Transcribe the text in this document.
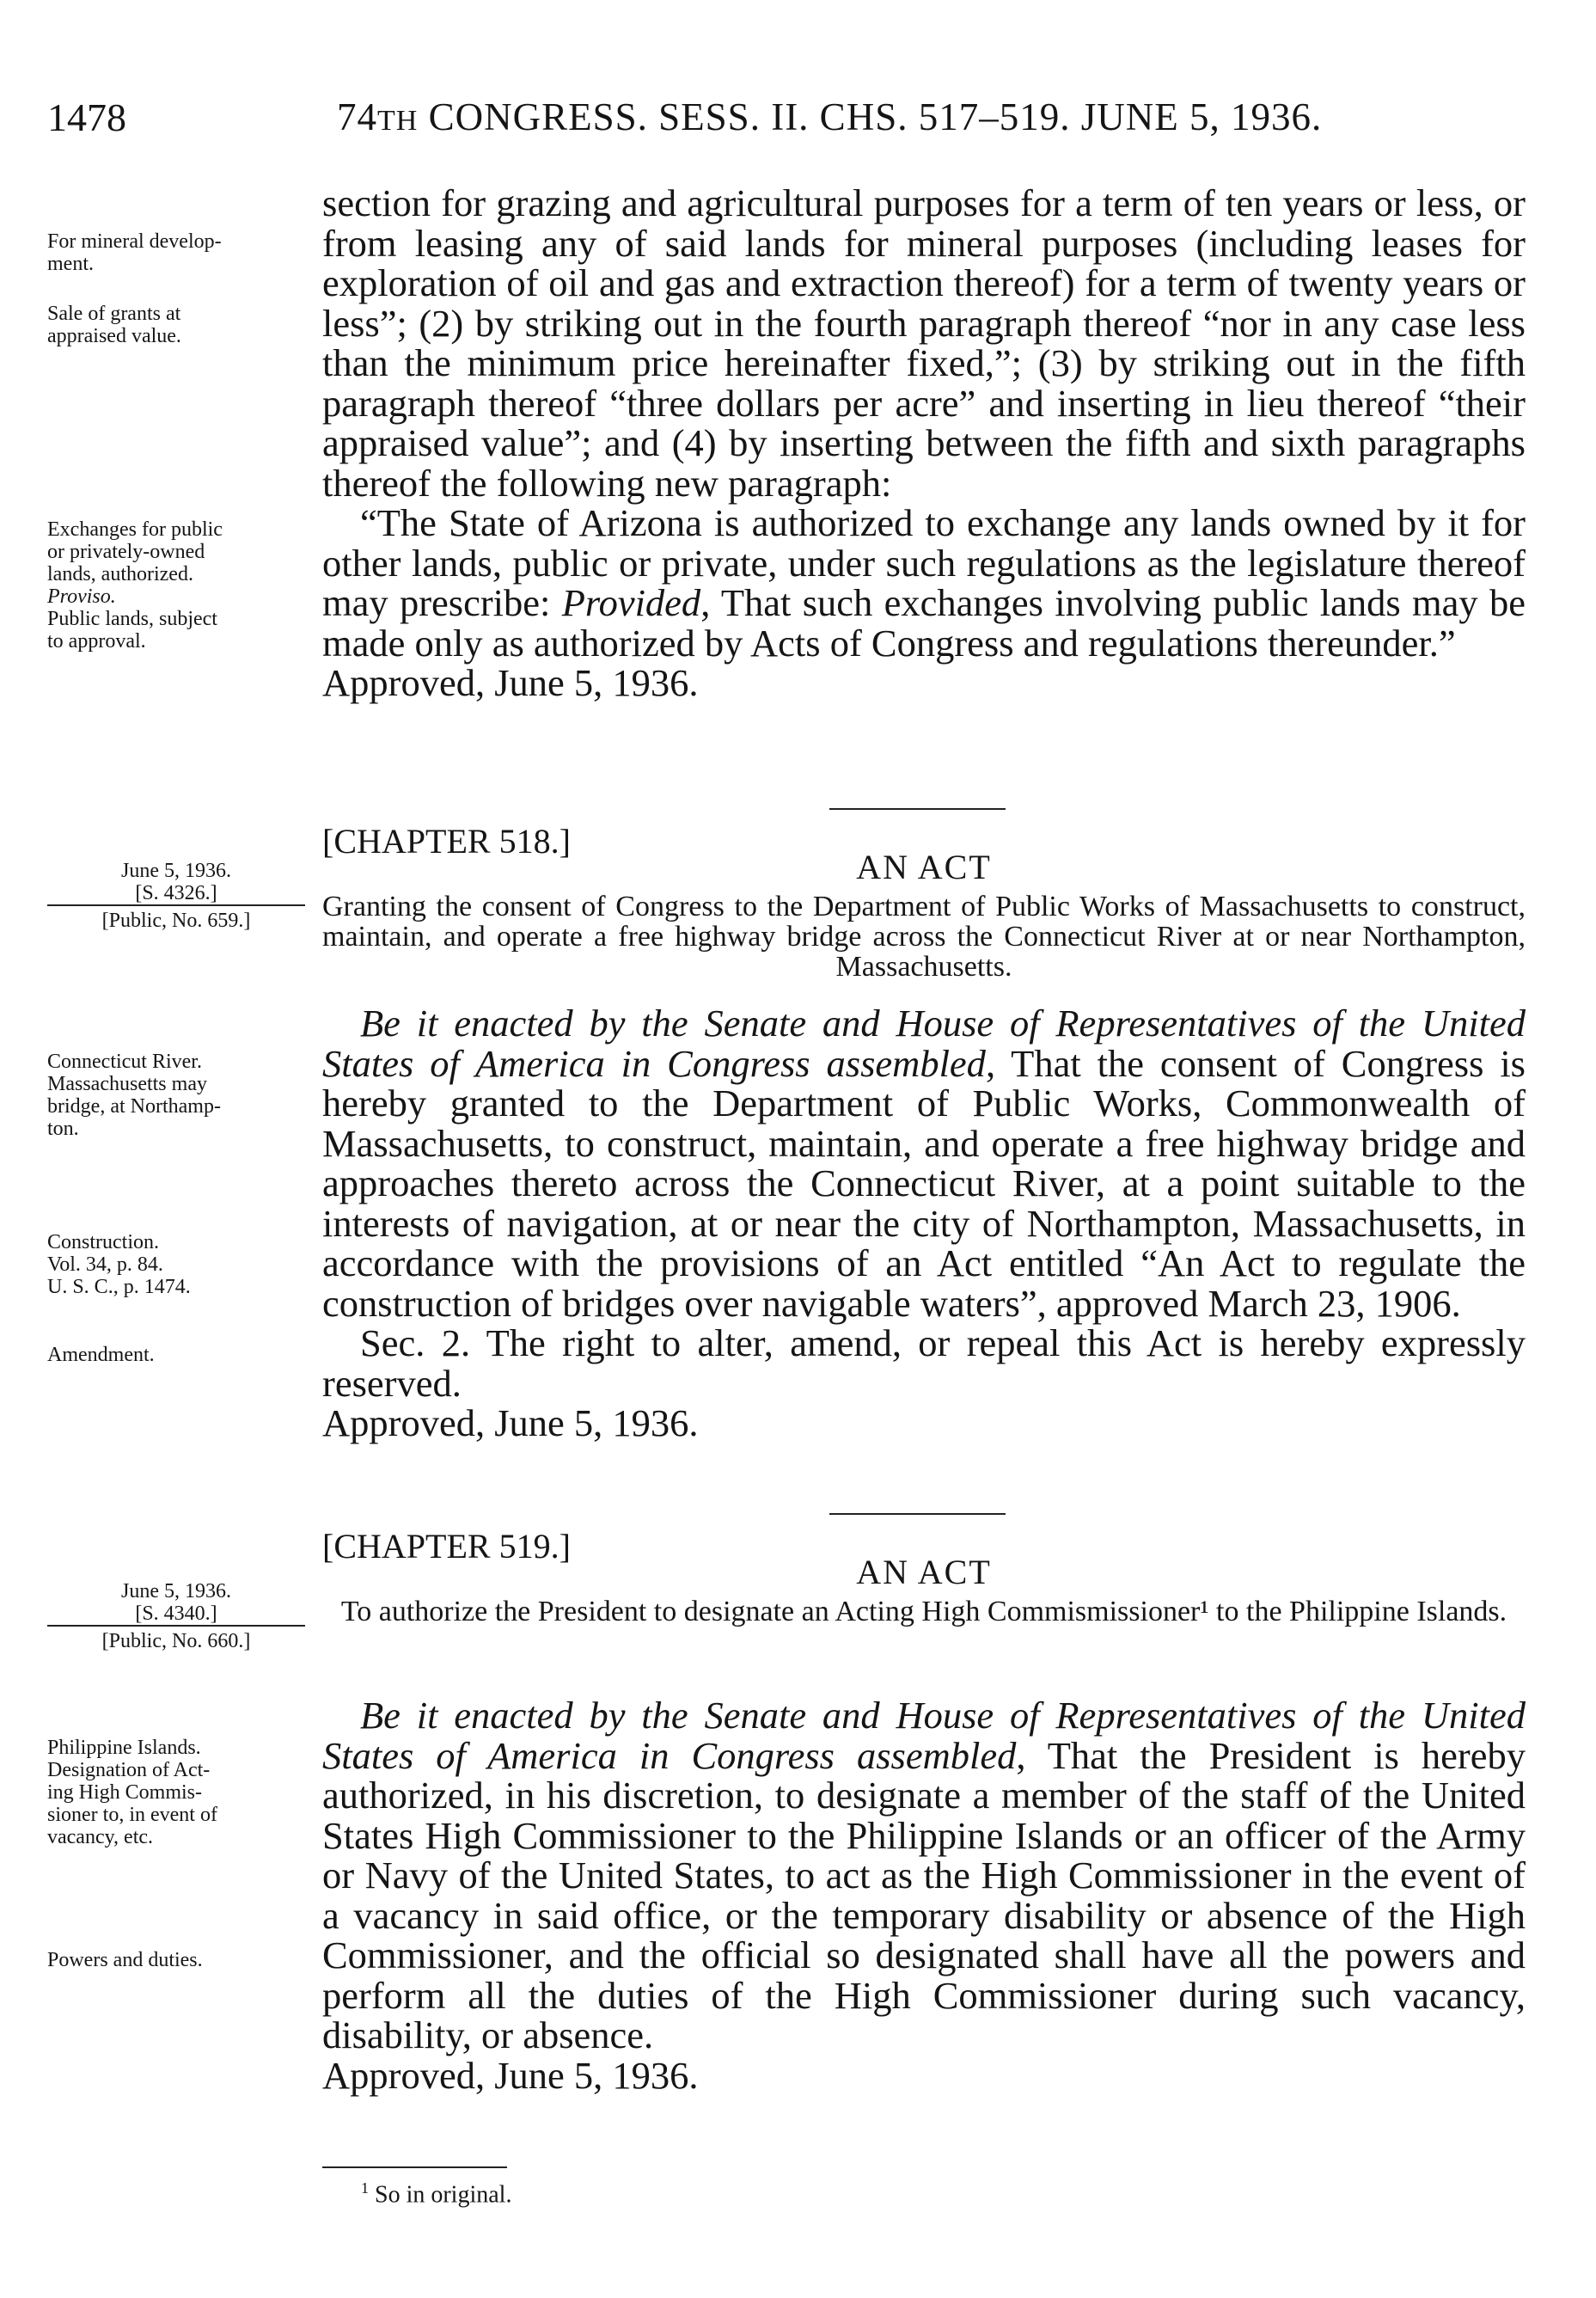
1478	74TH CONGRESS. SESS. II. CHS. 517–519. JUNE 5, 1936.

section for grazing and agricultural purposes for a term of ten years or less, or from leasing any of said lands for mineral purposes (including leases for exploration of oil and gas and extraction thereof) for a term of twenty years or less”; (2) by striking out in the fourth paragraph thereof “nor in any case less than the minimum price hereinafter fixed,”; (3) by striking out in the fifth paragraph thereof “three dollars per acre” and inserting in lieu thereof “their appraised value”; and (4) by inserting between the fifth and sixth paragraphs thereof the following new paragraph:

“The State of Arizona is authorized to exchange any lands owned by it for other lands, public or private, under such regulations as the legislature thereof may prescribe: Provided, That such exchanges involving public lands may be made only as authorized by Acts of Congress and regulations thereunder.”

Approved, June 5, 1936.

[CHAPTER 518.]
AN ACT
Granting the consent of Congress to the Department of Public Works of Massachusetts to construct, maintain, and operate a free highway bridge across the Connecticut River at or near Northampton, Massachusetts.

Be it enacted by the Senate and House of Representatives of the United States of America in Congress assembled, That the consent of Congress is hereby granted to the Department of Public Works, Commonwealth of Massachusetts, to construct, maintain, and operate a free highway bridge and approaches thereto across the Connecticut River, at a point suitable to the interests of navigation, at or near the city of Northampton, Massachusetts, in accordance with the provisions of an Act entitled “An Act to regulate the construction of bridges over navigable waters”, approved March 23, 1906.

Sec. 2. The right to alter, amend, or repeal this Act is hereby expressly reserved.

Approved, June 5, 1936.

[CHAPTER 519.]
AN ACT
To authorize the President to designate an Acting High Commismissioner¹ to the Philippine Islands.

Be it enacted by the Senate and House of Representatives of the United States of America in Congress assembled, That the President is hereby authorized, in his discretion, to designate a member of the staff of the United States High Commissioner to the Philippine Islands or an officer of the Army or Navy of the United States, to act as the High Commissioner in the event of a vacancy in said office, or the temporary disability or absence of the High Commissioner, and the official so designated shall have all the powers and perform all the duties of the High Commissioner during such vacancy, disability, or absence.

Approved, June 5, 1936.

$^1$ So in original.
For mineral develop-
ment.
Sale of grants at
appraised value.
Exchanges for public
or privately-owned
lands, authorized.
Proviso.
Public lands, subject
to approval.
June 5, 1936.
[S. 4326.]
[Public, No. 659.]
Connecticut River.
Massachusetts may
bridge, at Northamp-
ton.
Construction.
Vol. 34, p. 84.
U. S. C., p. 1474.
Amendment.
June 5, 1936.
[S. 4340.]
[Public, No. 660.]
Philippine Islands.
Designation of Act-
ing High Commis-
sioner to, in event of
vacancy, etc.
Powers and duties.
